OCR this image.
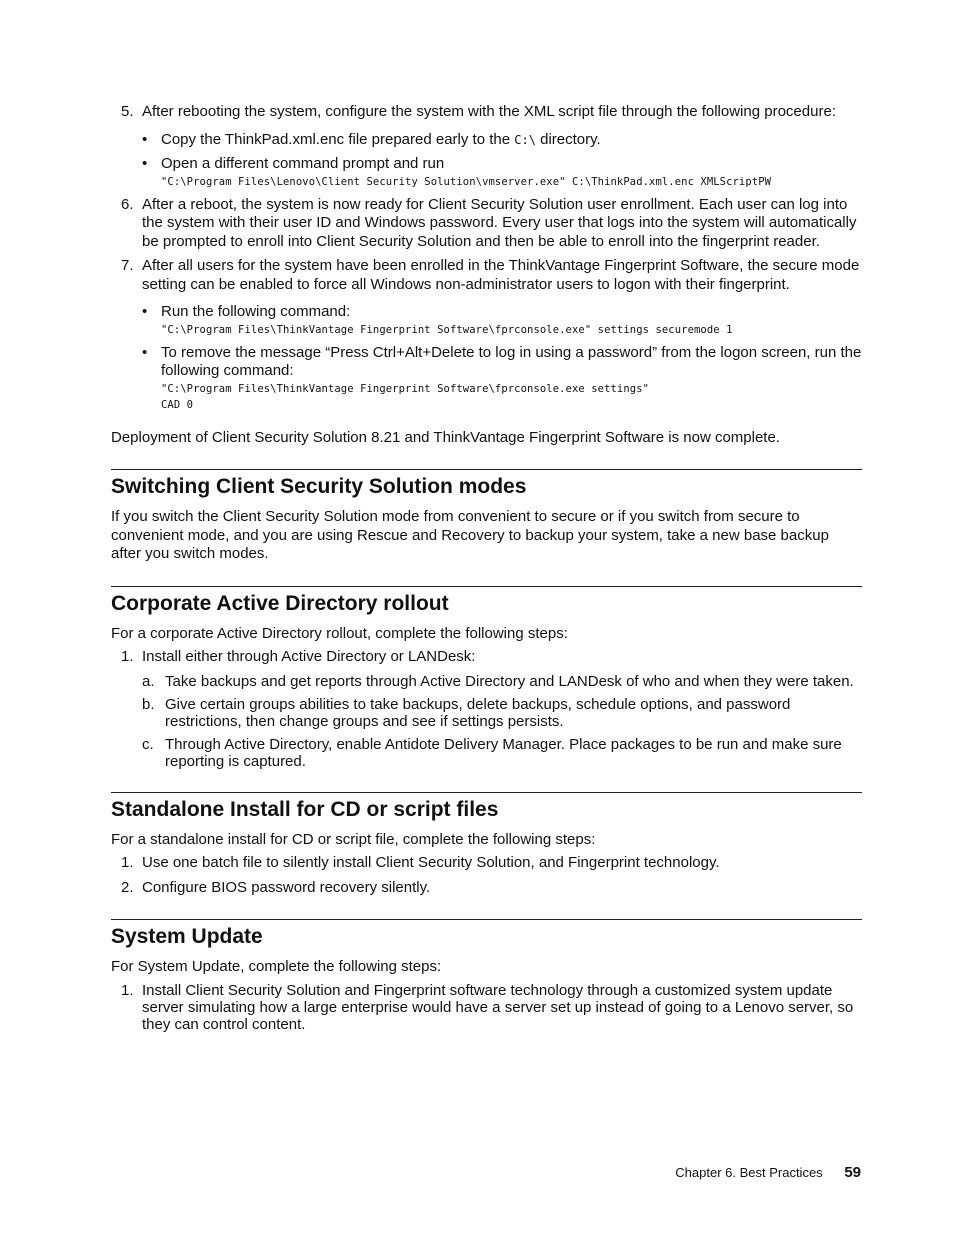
5. After rebooting the system, configure the system with the XML script file through the following procedure:
• Copy the ThinkPad.xml.enc file prepared early to the C:\ directory.
• Open a different command prompt and run
"C:\Program Files\Lenovo\Client Security Solution\vmserver.exe" C:\ThinkPad.xml.enc XMLScriptPW
6. After a reboot, the system is now ready for Client Security Solution user enrollment. Each user can log into the system with their user ID and Windows password. Every user that logs into the system will automatically be prompted to enroll into Client Security Solution and then be able to enroll into the fingerprint reader.
7. After all users for the system have been enrolled in the ThinkVantage Fingerprint Software, the secure mode setting can be enabled to force all Windows non-administrator users to logon with their fingerprint.
• Run the following command:
"C:\Program Files\ThinkVantage Fingerprint Software\fprconsole.exe" settings securemode 1
• To remove the message “Press Ctrl+Alt+Delete to log in using a password” from the logon screen, run the following command:
"C:\Program Files\ThinkVantage Fingerprint Software\fprconsole.exe settings"
CAD 0

Deployment of Client Security Solution 8.21 and ThinkVantage Fingerprint Software is now complete.

Switching Client Security Solution modes

If you switch the Client Security Solution mode from convenient to secure or if you switch from secure to convenient mode, and you are using Rescue and Recovery to backup your system, take a new base backup after you switch modes.

Corporate Active Directory rollout

For a corporate Active Directory rollout, complete the following steps:

1. Install either through Active Directory or LANDesk:
a. Take backups and get reports through Active Directory and LANDesk of who and when they were taken.
b. Give certain groups abilities to take backups, delete backups, schedule options, and password restrictions, then change groups and see if settings persists.
c. Through Active Directory, enable Antidote Delivery Manager. Place packages to be run and make sure reporting is captured.
Standalone Install for CD or script files

For a standalone install for CD or script file, complete the following steps:

1. Use one batch file to silently install Client Security Solution, and Fingerprint technology.
2. Configure BIOS password recovery silently.
System Update

For System Update, complete the following steps:

1. Install Client Security Solution and Fingerprint software technology through a customized system update server simulating how a large enterprise would have a server set up instead of going to a Lenovo server, so they can control content.
Chapter 6. Best Practices 59
